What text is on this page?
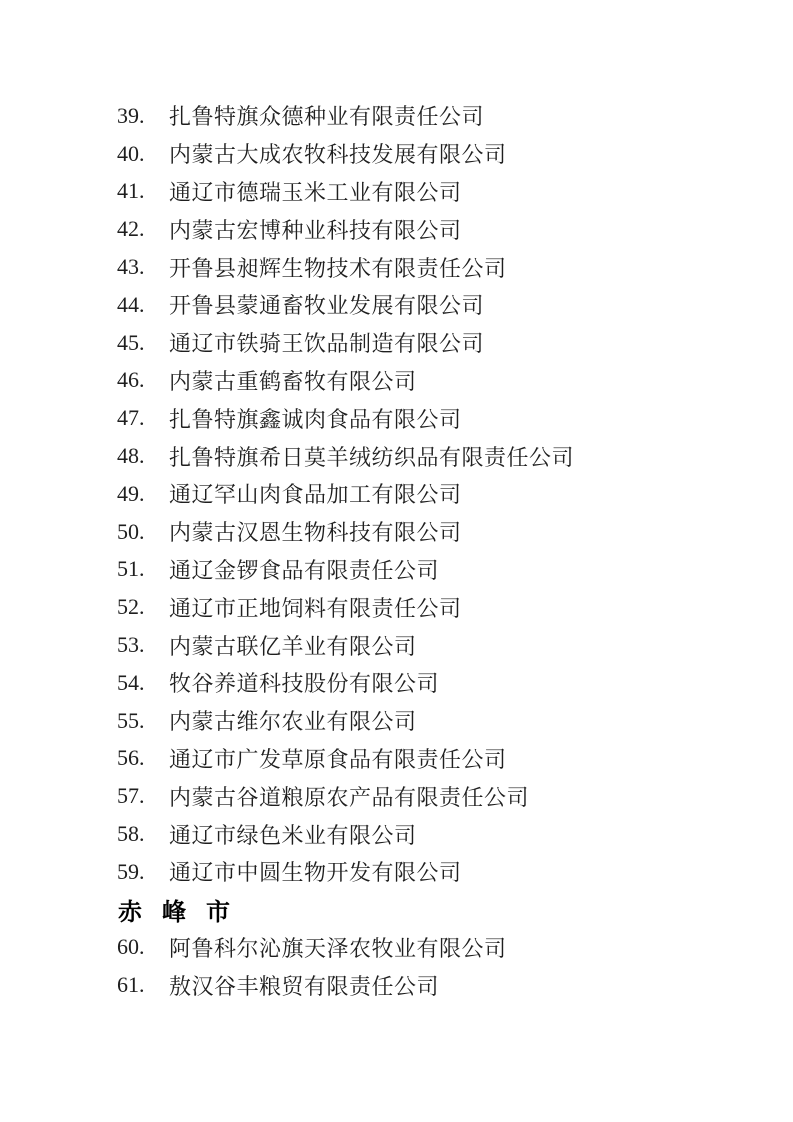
39.	扎鲁特旗众德种业有限责任公司
40.	内蒙古大成农牧科技发展有限公司
41.	通辽市德瑞玉米工业有限公司
42.	内蒙古宏博种业科技有限公司
43.	开鲁县昶辉生物技术有限责任公司
44.	开鲁县蒙通畜牧业发展有限公司
45.	通辽市铁骑王饮品制造有限公司
46.	内蒙古重鹤畜牧有限公司
47.	扎鲁特旗鑫诚肉食品有限公司
48.	扎鲁特旗希日莫羊绒纺织品有限责任公司
49.	通辽罕山肉食品加工有限公司
50.	内蒙古汉恩生物科技有限公司
51.	通辽金锣食品有限责任公司
52.	通辽市正地饲料有限责任公司
53.	内蒙古联亿羊业有限公司
54.	牧谷养道科技股份有限公司
55.	内蒙古维尔农业有限公司
56.	通辽市广发草原食品有限责任公司
57.	内蒙古谷道粮原农产品有限责任公司
58.	通辽市绿色米业有限公司
59.	通辽市中圆生物开发有限公司
赤峰市
60.	阿鲁科尔沁旗天泽农牧业有限公司
61.	敖汉谷丰粮贸有限责任公司
